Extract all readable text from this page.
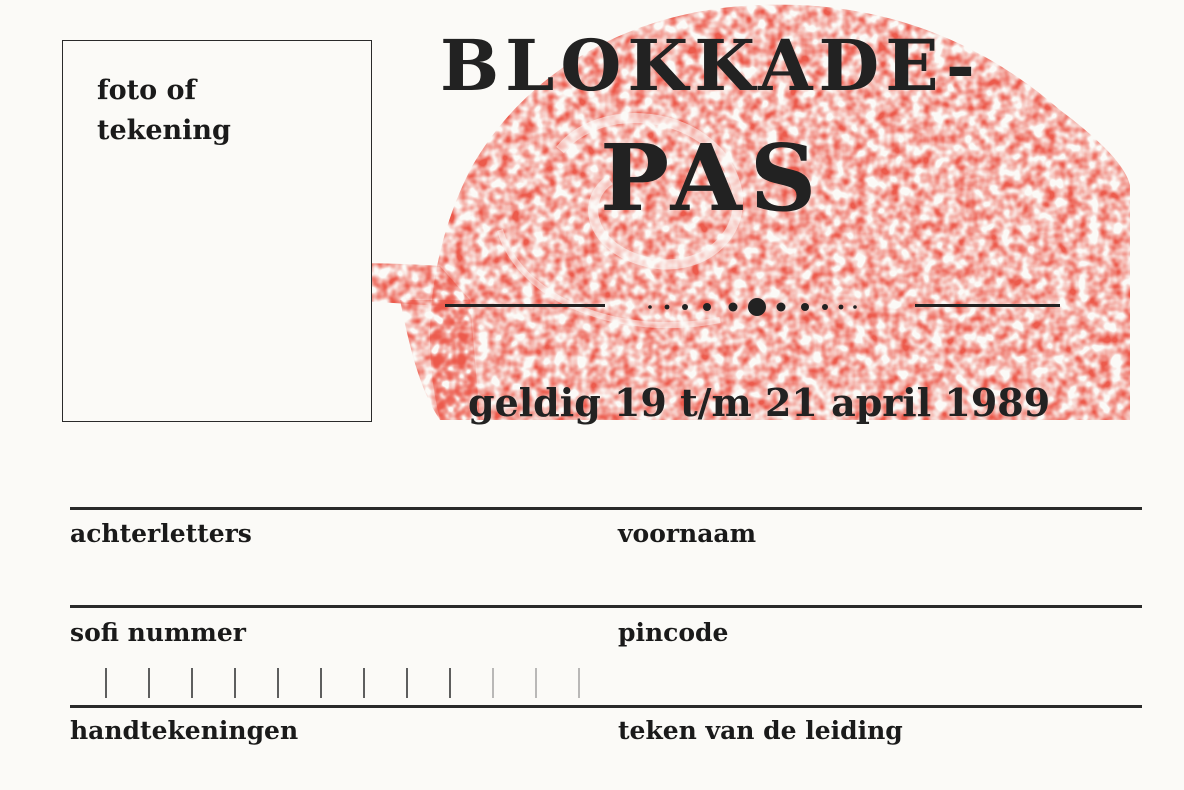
foto of
tekening
BLOKKADE-
PAS
geldig 19 t/m 21 april 1989
achterletters	voornaam
sofi nummer	pincode
handtekeningen	teken van de leiding
